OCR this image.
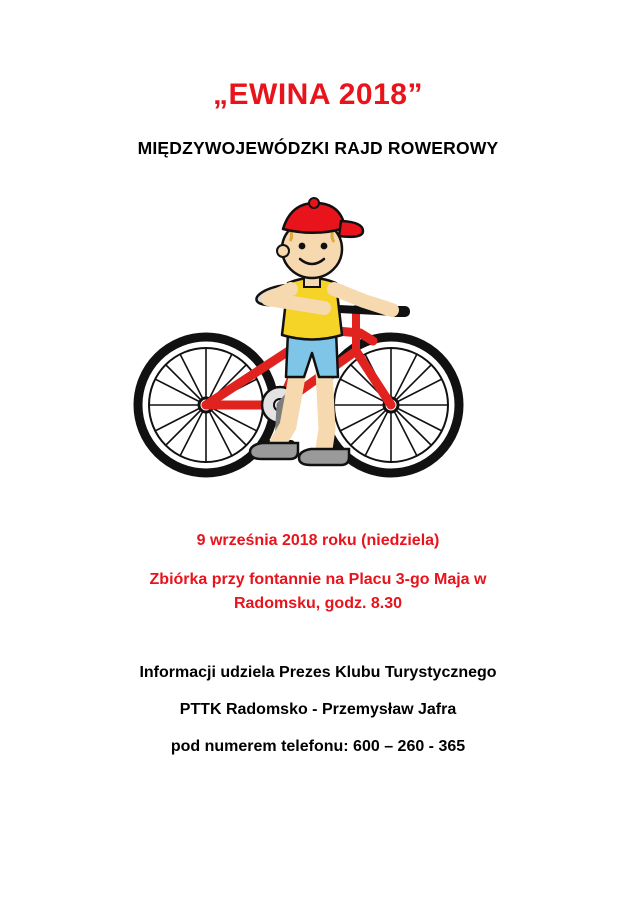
„EWINA 2018”
MIĘDZYWOJEWÓDZKI RAJD ROWEROWY

9 września 2018 roku (niedziela)

Zbiórka przy fontannie na Placu 3-go Maja w

Radomsku, godz. 8.30

Informacji udziela Prezes Klubu Turystycznego

PTTK Radomsko - Przemysław Jafra

pod numerem telefonu: 600 – 260 - 365
